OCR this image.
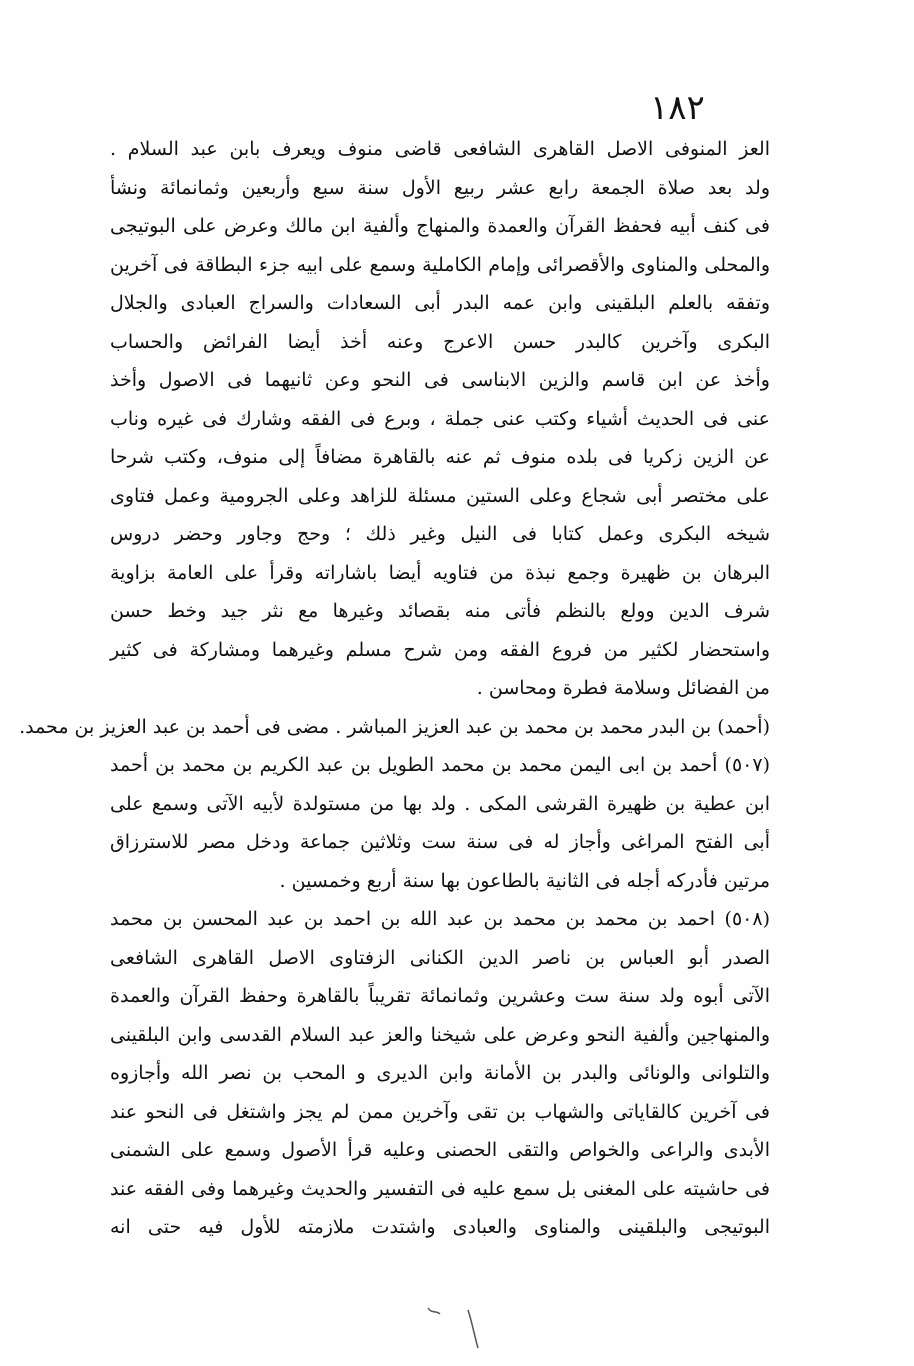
١٨٢
العز المنوفى الاصل القاهرى الشافعى قاضى منوف ويعرف بابن عبد السلام .
ولد بعد صلاة الجمعة رابع عشر ربيع الأول سنة سبع وأربعين وثمانمائة ونشأ
فى كنف أبيه فحفظ القرآن والعمدة والمنهاج وألفية ابن مالك وعرض على البوتيجى
والمحلى والمناوى والأقصرائى وإمام الكاملية وسمع على ابيه جزء البطاقة فى آخرين
وتفقه بالعلم البلقينى وابن عمه البدر أبى السعادات والسراج العبادى والجلال
البكرى وآخرين كالبدر حسن الاعرج وعنه أخذ أيضا الفرائض والحساب
وأخذ عن ابن قاسم والزين الابناسى فى النحو وعن ثانيهما فى الاصول وأخذ
عنى فى الحديث أشياء وكتب عنى جملة ، وبرع فى الفقه وشارك فى غيره وناب
عن الزين زكريا فى بلده منوف ثم عنه بالقاهرة مضافاً إلى منوف، وكتب شرحا
على مختصر أبى شجاع وعلى الستين مسئلة للزاهد وعلى الجرومية وعمل فتاوى
شيخه البكرى وعمل كتابا فى النيل وغير ذلك ؛ وحج وجاور وحضر دروس
البرهان بن ظهيرة وجمع نبذة من فتاويه أيضا باشاراته وقرأ على العامة بزاوية
شرف الدين وولع بالنظم فأتى منه بقصائد وغيرها مع نثر جيد وخط حسن
واستحضار لكثير من فروع الفقه ومن شرح مسلم وغيرهما ومشاركة فى كثير
من الفضائل وسلامة فطرة ومحاسن .
(أحمد) بن البدر محمد بن محمد بن عبد العزيز المباشر . مضى فى أحمد بن عبد العزيز بن محمد.
(٥٠٧) أحمد بن ابى اليمن محمد بن محمد الطويل بن عبد الكريم بن محمد بن أحمد
ابن عطية بن ظهيرة القرشى المكى . ولد بها من مستولدة لأبيه الآتى وسمع على
أبى الفتح المراغى وأجاز له فى سنة ست وثلاثين جماعة ودخل مصر للاسترزاق
مرتين فأدركه أجله فى الثانية بالطاعون بها سنة أربع وخمسين .
(٥٠٨) احمد بن محمد بن محمد بن عبد الله بن احمد بن عبد المحسن بن محمد
الصدر أبو العباس بن ناصر الدين الكنانى الزفتاوى الاصل القاهرى الشافعى
الآتى أبوه ولد سنة ست وعشرين وثمانمائة تقريباً بالقاهرة وحفظ القرآن والعمدة
والمنهاجين وألفية النحو وعرض على شيخنا والعز عبد السلام القدسى وابن البلقينى
والتلوانى والونائى والبدر بن الأمانة وابن الديرى و المحب بن نصر الله وأجازوه
فى آخرين كالقاياتى والشهاب بن تقى وآخرين ممن لم يجز واشتغل فى النحو عند
الأبدى والراعى والخواص والتقى الحصنى وعليه قرأ الأصول وسمع على الشمنى
فى حاشيته على المغنى بل سمع عليه فى التفسير والحديث وغيرهما وفى الفقه عند
البوتيجى والبلقينى والمناوى والعبادى واشتدت ملازمته للأول فيه حتى انه
